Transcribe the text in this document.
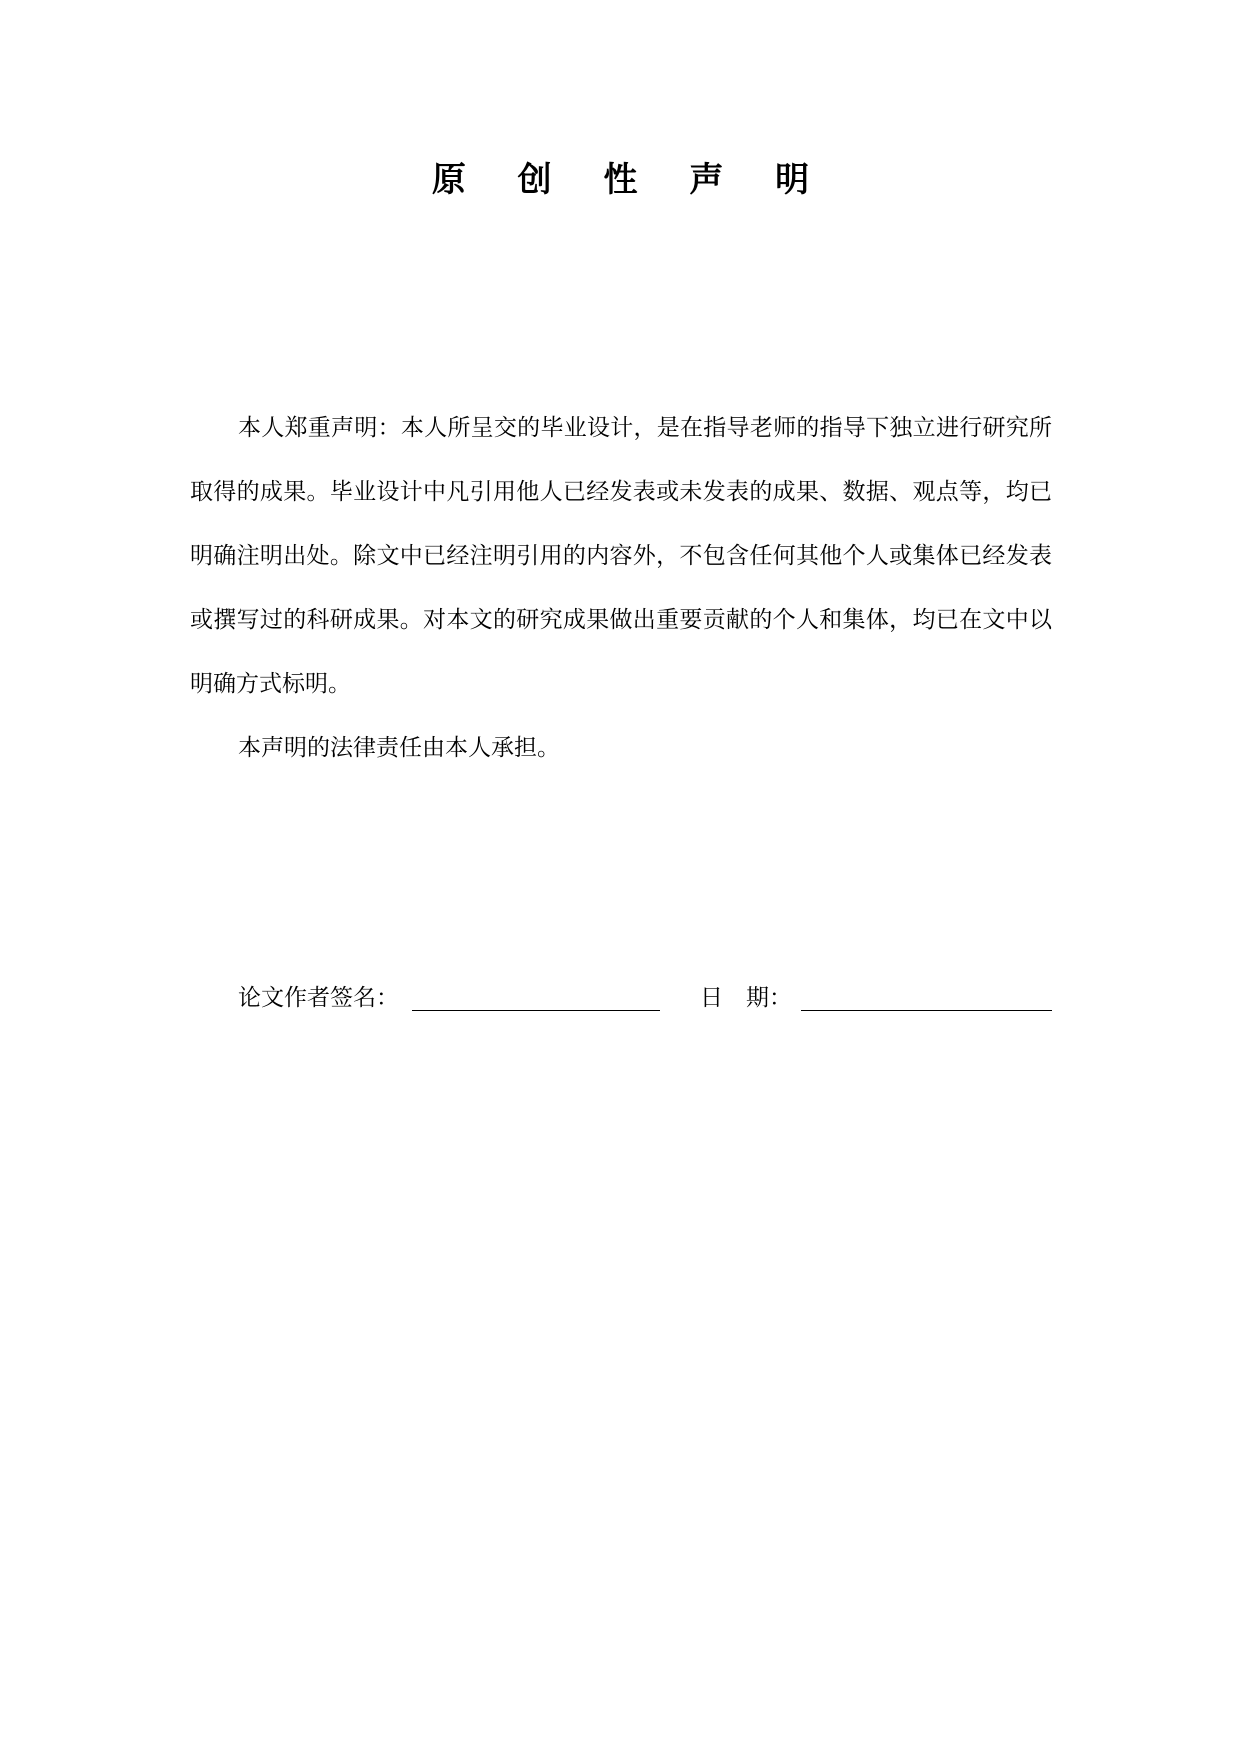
原 创 性 声 明

本人郑重声明：本人所呈交的毕业设计，是在指导老师的指导下独立进行研究所取得的成果。毕业设计中凡引用他人已经发表或未发表的成果、数据、观点等，均已明确注明出处。除文中已经注明引用的内容外，不包含任何其他个人或集体已经发表或撰写过的科研成果。对本文的研究成果做出重要贡献的个人和集体，均已在文中以明确方式标明。

本声明的法律责任由本人承担。

论文作者签名：	日　期：
